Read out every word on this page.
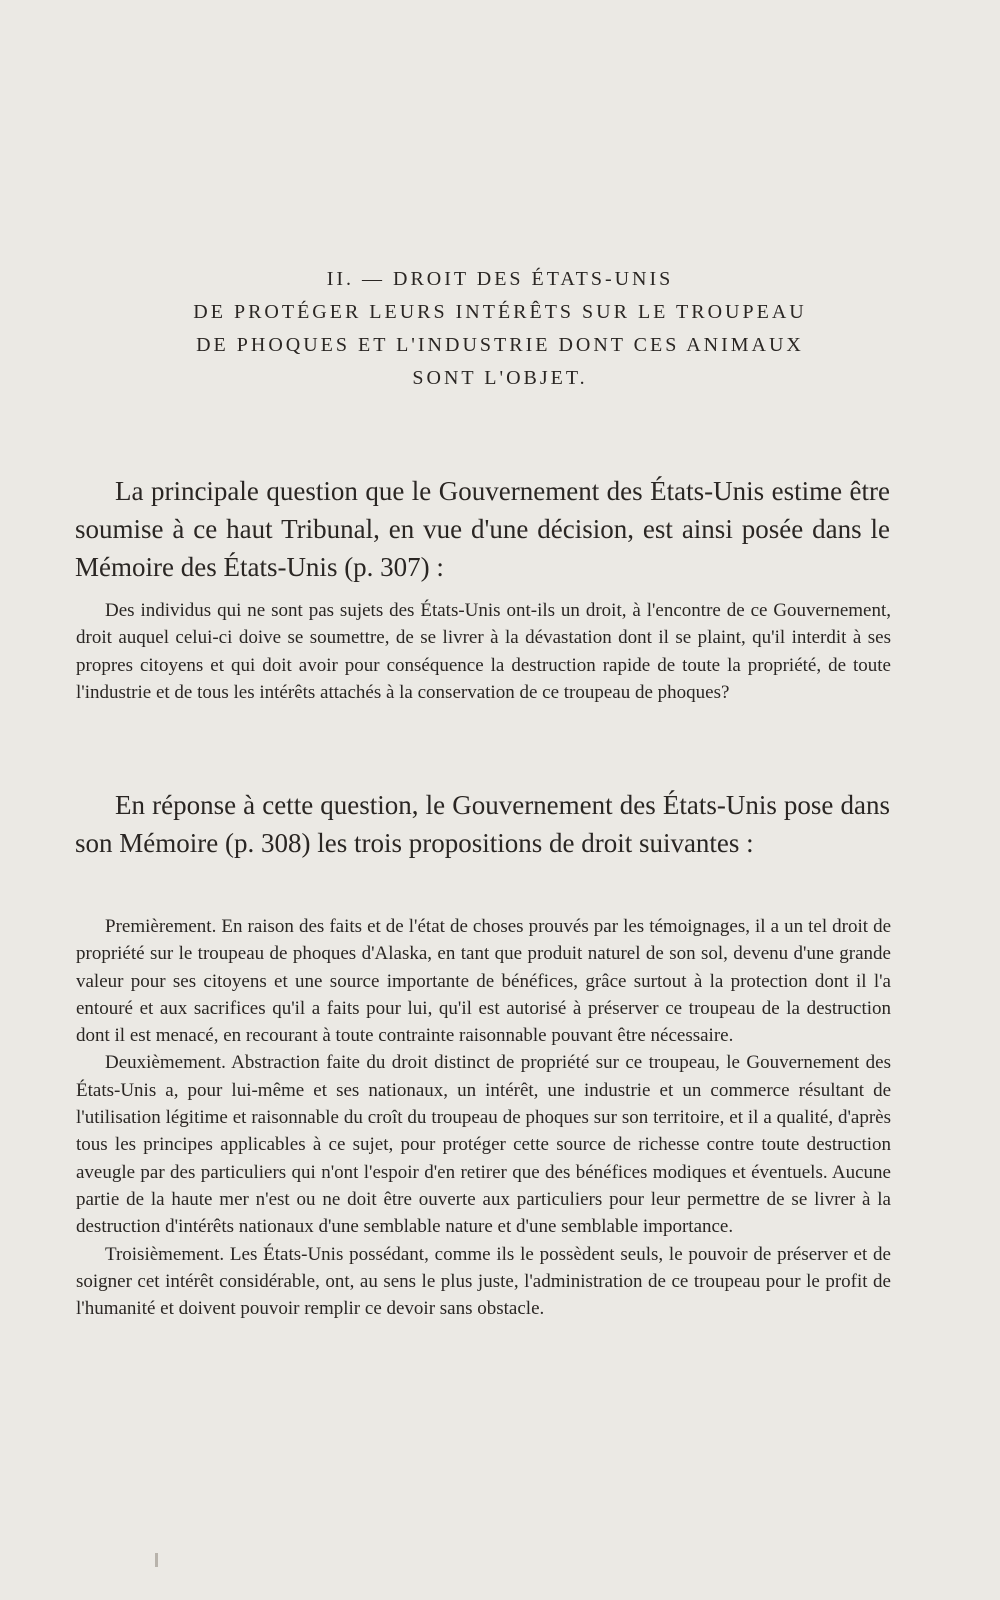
II. — DROIT DES ÉTATS-UNIS
DE PROTÉGER LEURS INTÉRÊTS SUR LE TROUPEAU
DE PHOQUES ET L'INDUSTRIE DONT CES ANIMAUX
SONT L'OBJET.

La principale question que le Gouvernement des États-Unis estime être soumise à ce haut Tribunal, en vue d'une décision, est ainsi posée dans le Mémoire des États-Unis (p. 307) :

Des individus qui ne sont pas sujets des États-Unis ont-ils un droit, à l'encontre de ce Gouvernement, droit auquel celui-ci doive se soumettre, de se livrer à la dévastation dont il se plaint, qu'il interdit à ses propres citoyens et qui doit avoir pour conséquence la destruction rapide de toute la propriété, de toute l'industrie et de tous les intérêts attachés à la conservation de ce troupeau de phoques?

En réponse à cette question, le Gouvernement des États-Unis pose dans son Mémoire (p. 308) les trois propositions de droit suivantes :

Premièrement. En raison des faits et de l'état de choses prouvés par les témoignages, il a un tel droit de propriété sur le troupeau de phoques d'Alaska, en tant que produit naturel de son sol, devenu d'une grande valeur pour ses citoyens et une source importante de bénéfices, grâce surtout à la protection dont il l'a entouré et aux sacrifices qu'il a faits pour lui, qu'il est autorisé à préserver ce troupeau de la destruction dont il est menacé, en recourant à toute contrainte raisonnable pouvant être nécessaire.

Deuxièmement. Abstraction faite du droit distinct de propriété sur ce troupeau, le Gouvernement des États-Unis a, pour lui-même et ses nationaux, un intérêt, une industrie et un commerce résultant de l'utilisation légitime et raisonnable du croît du troupeau de phoques sur son territoire, et il a qualité, d'après tous les principes applicables à ce sujet, pour protéger cette source de richesse contre toute destruction aveugle par des particuliers qui n'ont l'espoir d'en retirer que des bénéfices modiques et éventuels. Aucune partie de la haute mer n'est ou ne doit être ouverte aux particuliers pour leur permettre de se livrer à la destruction d'intérêts nationaux d'une semblable nature et d'une semblable importance.

Troisièmement. Les États-Unis possédant, comme ils le possèdent seuls, le pouvoir de préserver et de soigner cet intérêt considérable, ont, au sens le plus juste, l'administration de ce troupeau pour le profit de l'humanité et doivent pouvoir remplir ce devoir sans obstacle.
